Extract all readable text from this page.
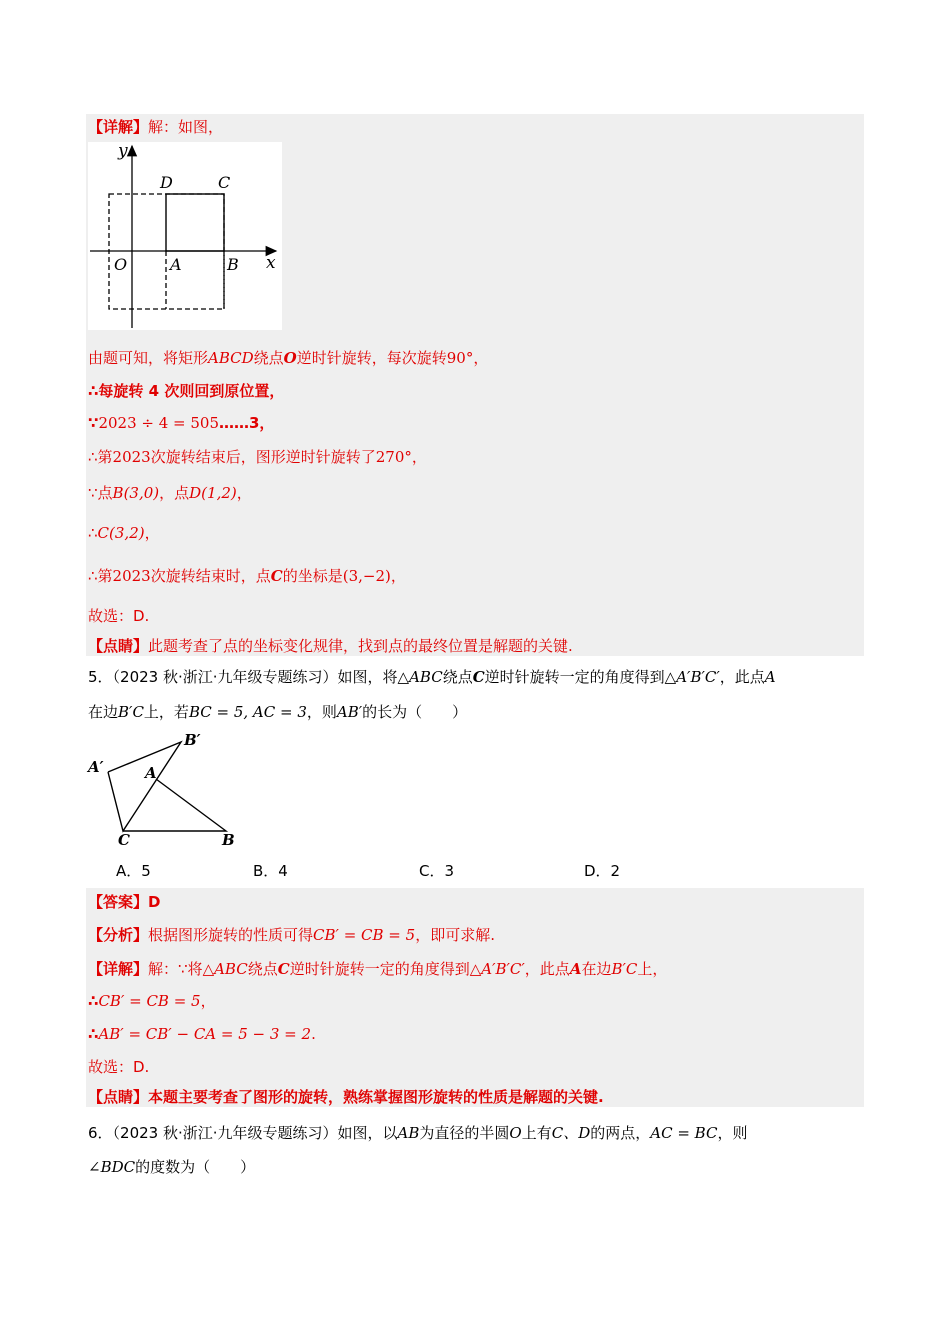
【详解】解：如图，
y
x
O	A	B
C
D
由题可知，将矩形ABCD绕点O逆时针旋转，每次旋转90°，
∴每旋转 4 次则回到原位置，
∵2023 ÷ 4 = 505……3，
∴第2023次旋转结束后，图形逆时针旋转了270°，
∵点B(3,0)，点D(1,2)，
∴C(3,2)，
∴第2023次旋转结束时，点C的坐标是(3,−2)，
故选：D.
【点睛】此题考查了点的坐标变化规律，找到点的最终位置是解题的关键.
5．（2023 秋·浙江·九年级专题练习）如图，将△ABC绕点C逆时针旋转一定的角度得到△A′B′C′，此点A
在边B′C上，若BC = 5, AC = 3，则AB′的长为（　　）
A′
B′
A
C	B
A．5	B．4	C．3	D．2
【答案】D
【分析】根据图形旋转的性质可得CB′ = CB = 5，即可求解.
【详解】解：∵将△ABC绕点C逆时针旋转一定的角度得到△A′B′C′，此点A在边B′C上，
∴CB′ = CB = 5，
∴AB′ = CB′ − CA = 5 − 3 = 2.
故选：D.
【点睛】本题主要考查了图形的旋转，熟练掌握图形旋转的性质是解题的关键.
6．（2023 秋·浙江·九年级专题练习）如图，以AB为直径的半圆O上有C、D的两点，AC = BC，则
∠BDC的度数为（　　）
